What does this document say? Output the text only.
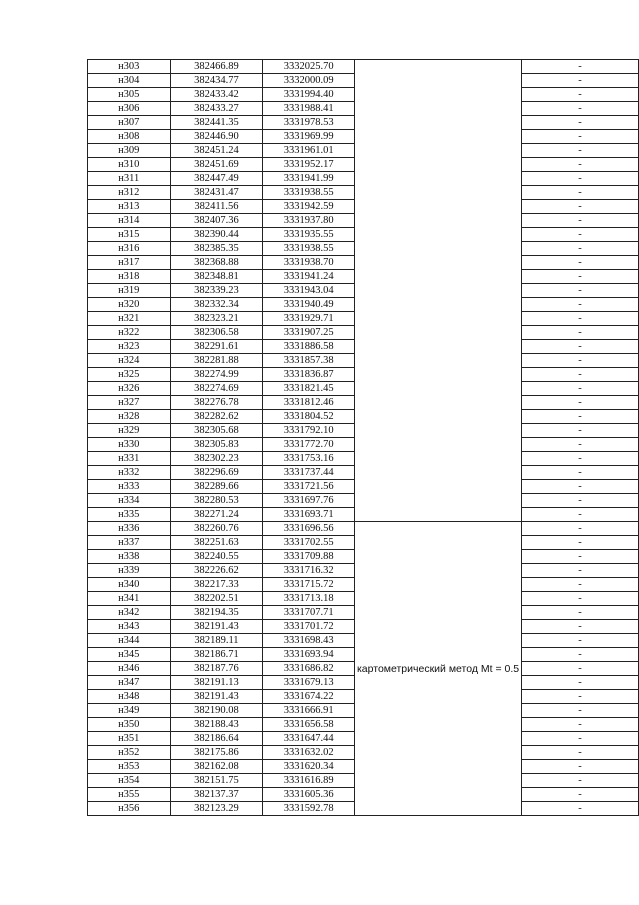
н303	382466.89	3332025.70		-
н304	382434.77	3332000.09		-
н305	382433.42	3331994.40		-
н306	382433.27	3331988.41		-
н307	382441.35	3331978.53		-
н308	382446.90	3331969.99		-
н309	382451.24	3331961.01		-
н310	382451.69	3331952.17		-
н311	382447.49	3331941.99		-
н312	382431.47	3331938.55		-
н313	382411.56	3331942.59		-
н314	382407.36	3331937.80		-
н315	382390.44	3331935.55		-
н316	382385.35	3331938.55		-
н317	382368.88	3331938.70		-
н318	382348.81	3331941.24		-
н319	382339.23	3331943.04		-
н320	382332.34	3331940.49		-
н321	382323.21	3331929.71		-
н322	382306.58	3331907.25		-
н323	382291.61	3331886.58		-
н324	382281.88	3331857.38		-
н325	382274.99	3331836.87		-
н326	382274.69	3331821.45		-
н327	382276.78	3331812.46		-
н328	382282.62	3331804.52		-
н329	382305.68	3331792.10		-
н330	382305.83	3331772.70		-
н331	382302.23	3331753.16		-
н332	382296.69	3331737.44		-
н333	382289.66	3331721.56		-
н334	382280.53	3331697.76		-
н335	382271.24	3331693.71		-
н336	382260.76	3331696.56	картометрический метод Mt = 0.5	-
н337	382251.63	3331702.55		-
н338	382240.55	3331709.88		-
н339	382226.62	3331716.32		-
н340	382217.33	3331715.72		-
н341	382202.51	3331713.18		-
н342	382194.35	3331707.71		-
н343	382191.43	3331701.72		-
н344	382189.11	3331698.43		-
н345	382186.71	3331693.94		-
н346	382187.76	3331686.82		-
н347	382191.13	3331679.13		-
н348	382191.43	3331674.22		-
н349	382190.08	3331666.91		-
н350	382188.43	3331656.58		-
н351	382186.64	3331647.44		-
н352	382175.86	3331632.02		-
н353	382162.08	3331620.34		-
н354	382151.75	3331616.89		-
н355	382137.37	3331605.36		-
н356	382123.29	3331592.78		-
